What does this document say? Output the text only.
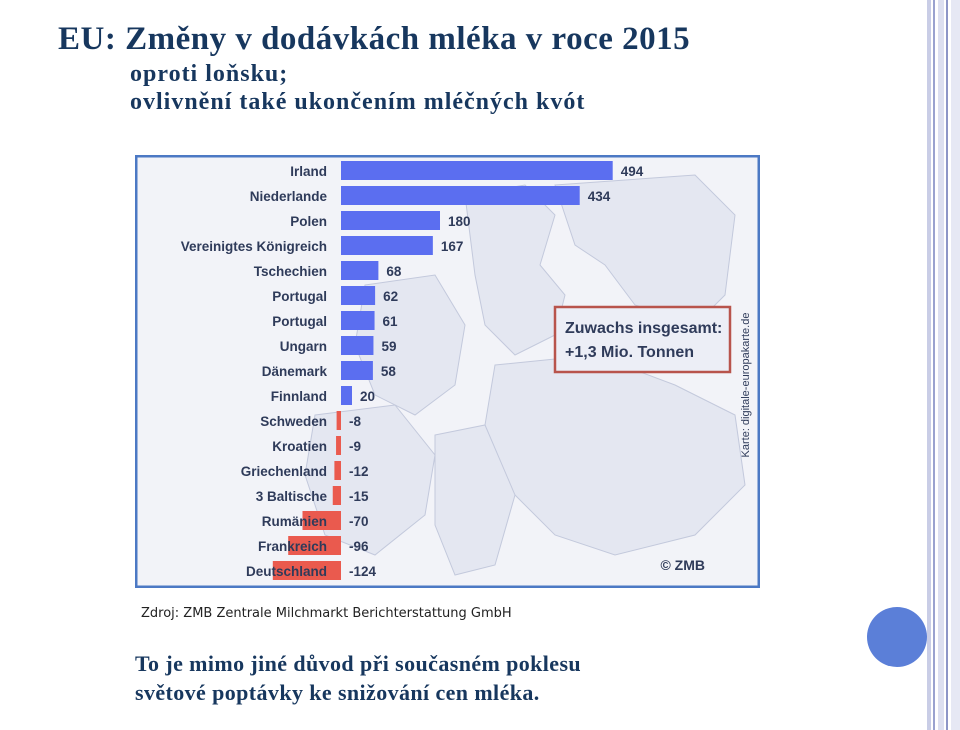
EU: Změny v dodávkách mléka v roce 2015
oproti loňsku;
ovlivnění také ukončením mléčných kvót
Irland
Niederlande
Polen
Vereinigtes Königreich
Tschechien
Portugal
Portugal
Ungarn
Dänemark
Finnland
Schweden
Kroatien
Griechenland
3 Baltische
Rumänien
Frankreich
Deutschland
494
434
180
167
68
62
61
59
58
20
-8
-9
-12
-15
-70
-96
-124
Zuwachs insgesamt:
+1,3 Mio. Tonnen	Karte: digitale-europakarte.de
© ZMB
Zdroj: ZMB Zentrale Milchmarkt Berichterstattung GmbH
To je mimo jiné důvod při současném poklesu
světové poptávky ke snižování cen mléka.
